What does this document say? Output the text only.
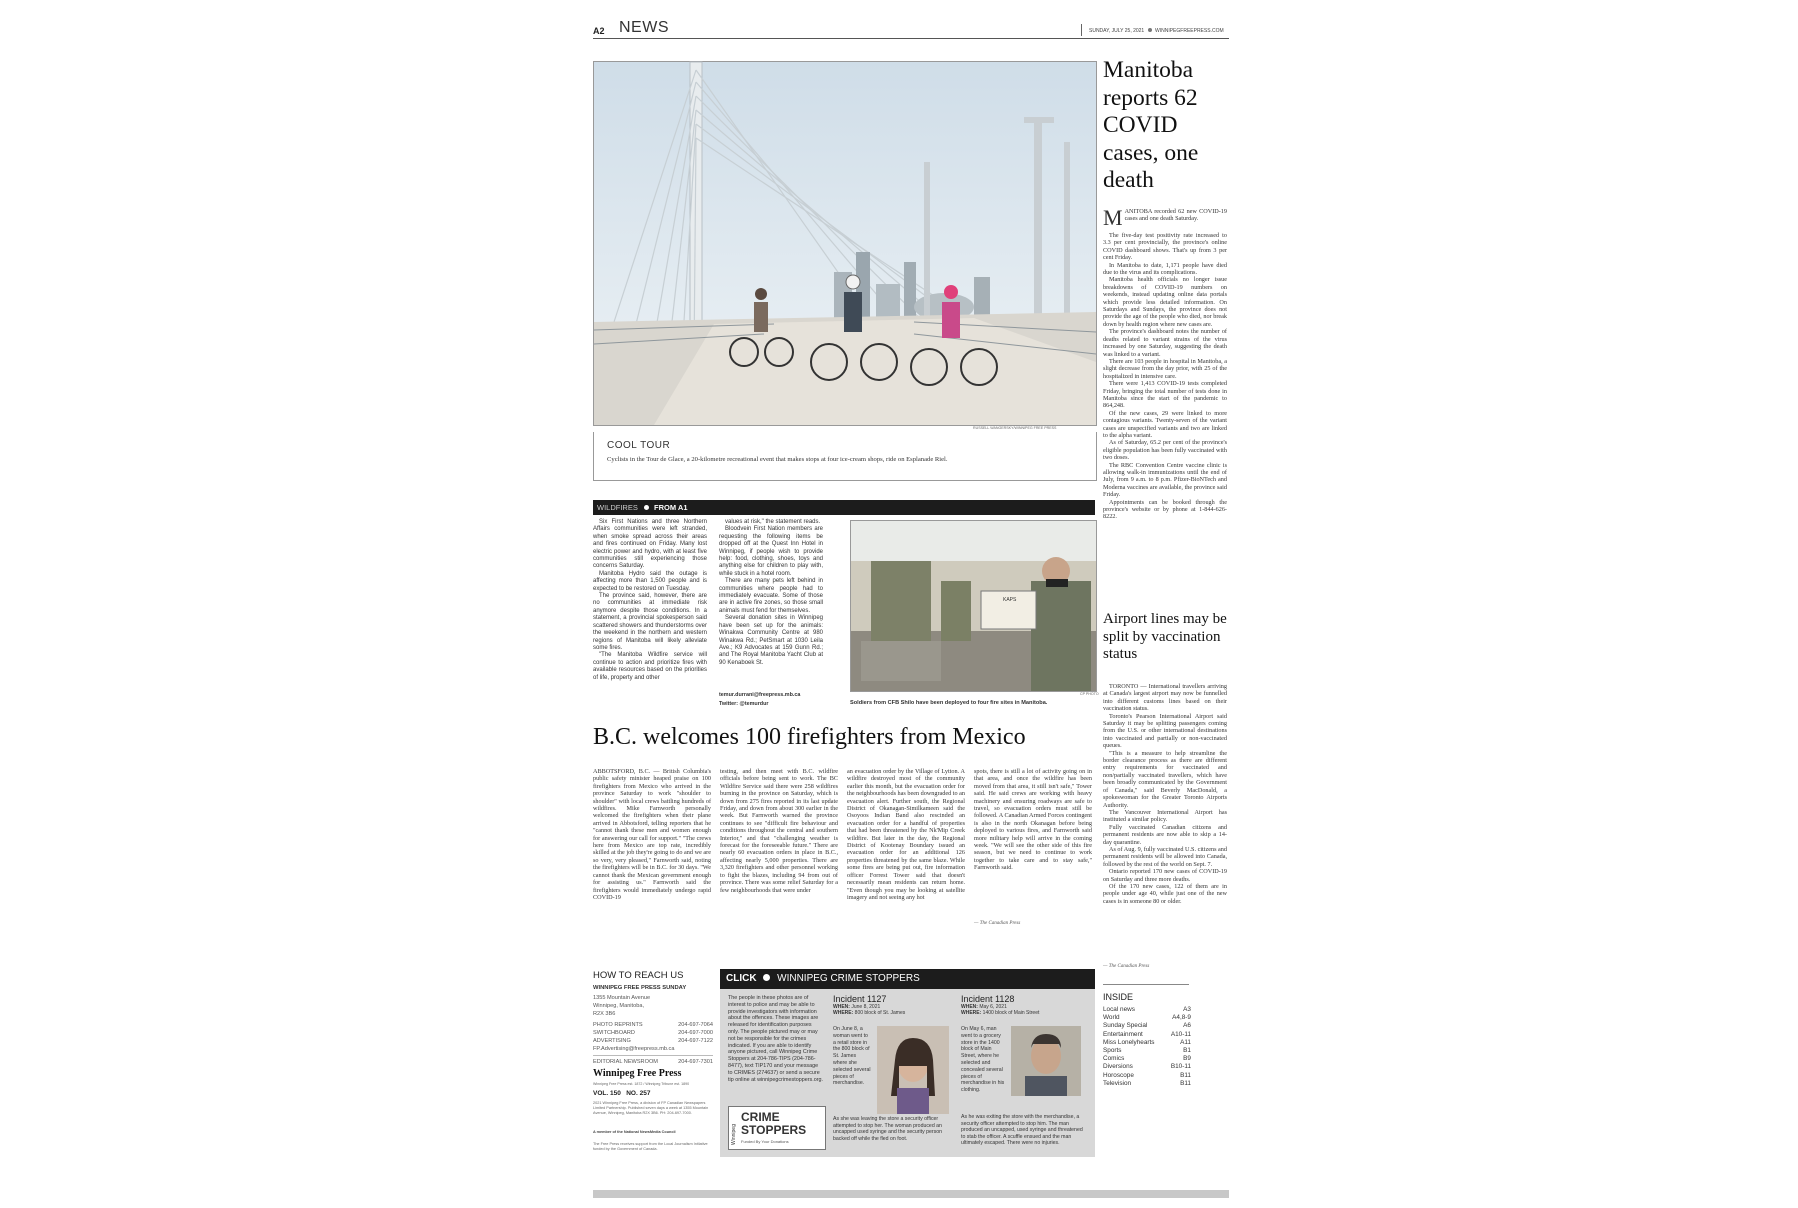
A2 NEWS	SUNDAY, JULY 25, 2021 WINNIPEGFREEPRESS.COM
RUSSELL WANGERSKY/WINNIPEG FREE PRESS
COOL TOUR
Cyclists in the Tour de Glace, a 20-kilometre recreational event that makes stops at four ice-cream shops, ride on Esplanade Riel.
Manitoba reports 62 COVID cases, one death
M ANITOBA recorded 62 new COVID-19 cases and one death Saturday.

The five-day test positivity rate increased to 3.3 per cent provincially, the province's online COVID dashboard shows. That's up from 3 per cent Friday.

In Manitoba to date, 1,171 people have died due to the virus and its complications.

Manitoba health officials no longer issue breakdowns of COVID-19 numbers on weekends, instead updating online data portals which provide less detailed information. On Saturdays and Sundays, the province does not provide the age of the people who died, nor break down by health region where new cases are.

The province's dashboard notes the number of deaths related to variant strains of the virus increased by one Saturday, suggesting the death was linked to a variant.

There are 103 people in hospital in Manitoba, a slight decrease from the day prior, with 25 of the hospitalized in intensive care.

There were 1,413 COVID-19 tests completed Friday, bringing the total number of tests done in Manitoba since the start of the pandemic to 864,248.

Of the new cases, 29 were linked to more contagious variants. Twenty-seven of the variant cases are unspecified variants and two are linked to the alpha variant.

As of Saturday, 65.2 per cent of the province's eligible population has been fully vaccinated with two doses.

The RBC Convention Centre vaccine clinic is allowing walk-in immunizations until the end of July, from 9 a.m. to 8 p.m. Pfizer-BioNTech and Moderna vaccines are available, the province said Friday.

Appointments can be booked through the province's website or by phone at 1-844-626-8222.

Airport lines may be split by vaccination status

TORONTO — International travellers arriving at Canada's largest airport may now be funnelled into different customs lines based on their vaccination status.

Toronto's Pearson International Airport said Saturday it may be splitting passengers coming from the U.S. or other international destinations into vaccinated and partially or non-vaccinated queues.

"This is a measure to help streamline the border clearance process as there are different entry requirements for vaccinated and non/partially vaccinated travellers, which have been broadly communicated by the Government of Canada," said Beverly MacDonald, a spokeswoman for the Greater Toronto Airports Authority.

The Vancouver International Airport has instituted a similar policy.

Fully vaccinated Canadian citizens and permanent residents are now able to skip a 14-day quarantine.

As of Aug. 9, fully vaccinated U.S. citizens and permanent residents will be allowed into Canada, followed by the rest of the world on Sept. 7.

Ontario reported 170 new cases of COVID-19 on Saturday and three more deaths.

Of the 170 new cases, 122 of them are in people under age 40, while just one of the new cases is in someone 80 or older.

— The Canadian Press
WILDFIRES FROM A1

Six First Nations and three Northern Affairs communities were left stranded, when smoke spread across their areas and fires continued on Friday. Many lost electric power and hydro, with at least five communities still experiencing those concerns Saturday.

Manitoba Hydro said the outage is affecting more than 1,500 people and is expected to be restored on Tuesday.

The province said, however, there are no communities at immediate risk anymore despite those conditions. In a statement, a provincial spokesperson said scattered showers and thunderstorms over the weekend in the northern and western regions of Manitoba will likely alleviate some fires.

"The Manitoba Wildfire service will continue to action and prioritize fires with available resources based on the priorities of life, property and other

values at risk," the statement reads.

Bloodvein First Nation members are requesting the following items be dropped off at the Quest Inn Hotel in Winnipeg, if people wish to provide help: food, clothing, shoes, toys and anything else for children to play with, while stuck in a hotel room.

There are many pets left behind in communities where people had to immediately evacuate. Some of those are in active fire zones, so those small animals must fend for themselves.

Several donation sites in Winnipeg have been set up for the animals: Winakwa Community Centre at 980 Winakwa Rd.; PetSmart at 1030 Leila Ave.; K9 Advocates at 159 Gunn Rd.; and The Royal Manitoba Yacht Club at 90 Kenaboek St.

temur.durrani@freepress.mb.ca
Twitter: @temurdur
KAPS
CP PHOTO
Soldiers from CFB Shilo have been deployed to four fire sites in Manitoba.
B.C. welcomes 100 firefighters from Mexico
ABBOTSFORD, B.C. — British Columbia's public safety minister heaped praise on 100 firefighters from Mexico who arrived in the province Saturday to work "shoulder to shoulder" with local crews battling hundreds of wildfires. Mike Farnworth personally welcomed the firefighters when their plane arrived in Abbotsford, telling reporters that he "cannot thank these men and women enough for answering our call for support." "The crews here from Mexico are top rate, incredibly skilled at the job they're going to do and we are so very, very pleased," Farnworth said, noting the firefighters will be in B.C. for 30 days. "We cannot thank the Mexican government enough for assisting us." Farnworth said the firefighters would immediately undergo rapid COVID-19
testing, and then meet with B.C. wildfire officials before being sent to work. The BC Wildfire Service said there were 258 wildfires burning in the province on Saturday, which is down from 275 fires reported in its last update Friday, and down from about 300 earlier in the week. But Farnworth warned the province continues to see "difficult fire behaviour and conditions throughout the central and southern Interior," and that "challenging weather is forecast for the foreseeable future." There are nearly 60 evacuation orders in place in B.C., affecting nearly 5,000 properties. There are 3,320 firefighters and other personnel working to fight the blazes, including 94 from out of province. There was some relief Saturday for a few neighbourhoods that were under
an evacuation order by the Village of Lytton. A wildfire destroyed most of the community earlier this month, but the evacuation order for the neighbourhoods has been downgraded to an evacuation alert. Further south, the Regional District of Okanagan-Similkameen said the Osoyoos Indian Band also rescinded an evacuation order for a handful of properties that had been threatened by the Nk'Mip Creek wildfire. But later in the day, the Regional District of Kootenay Boundary issued an evacuation order for an additional 126 properties threatened by the same blaze. While some fires are being put out, fire information officer Forrest Tower said that doesn't necessarily mean residents can return home. "Even though you may be looking at satellite imagery and not seeing any hot
spots, there is still a lot of activity going on in that area, and once the wildfire has been moved from that area, it still isn't safe," Tower said. He said crews are working with heavy machinery and ensuring roadways are safe to travel, so evacuation orders must still be followed. A Canadian Armed Forces contingent is also in the north Okanagan before being deployed to various fires, and Farnworth said more military help will arrive in the coming week. "We will see the other side of this fire season, but we need to continue to work together to take care and to stay safe," Farnworth said.
— The Canadian Press
HOW TO REACH US
WINNIPEG FREE PRESS SUNDAY
1355 Mountain Avenue
Winnipeg, Manitoba,
R2X 3B6
PHOTO REPRINTS	204-697-7064
SWITCHBOARD	204-697-7000
ADVERTISING	204-697-7122
FP.Advertising@freepress.mb.ca
EDITORIAL NEWSROOM	204-697-7301
Winnipeg Free Press
Winnipeg Free Press est. 1872 / Winnipeg Tribune est. 1890
VOL. 150   NO. 257
2021 Winnipeg Free Press, a division of FP Canadian Newspapers Limited Partnership. Published seven days a week at 1355 Mountain Avenue, Winnipeg, Manitoba R2X 3B6. PH: 204-697-7000.
A member of the National NewsMedia Council
The Free Press receives support from the Local Journalism Initiative funded by the Government of Canada.
CLICK WINNIPEG CRIME STOPPERS
The people in these photos are of interest to police and may be able to provide investigators with information about the offences. These images are released for identification purposes only. The people pictured may or may not be responsible for the crimes indicated. If you are able to identify anyone pictured, call Winnipeg Crime Stoppers at 204-786-TIPS (204-786-8477), text TIP170 and your message to CRIMES (274637) or send a secure tip online at winnipegcrimestoppers.org.
Winnipeg
CRIME STOPPERS
Funded By Your Donations
Incident 1127
WHEN: June 8, 2021
WHERE: 800 block of St. James
On June 8, a woman went to a retail store in the 800 block of St. James where she selected several pieces of merchandise.
As she was leaving the store a security officer attempted to stop her. The woman produced an uncapped used syringe and the security person backed off while the fled on foot.
Incident 1128
WHEN: May 6, 2021
WHERE: 1400 block of Main Street
On May 6, man went to a grocery store in the 1400 block of Main Street, where he selected and concealed several pieces of merchandise in his clothing.
As he was exiting the store with the merchandise, a security officer attempted to stop him. The man produced an uncapped, used syringe and threatened to stab the officer. A scuffle ensued and the man ultimately escaped. There were no injuries.
INSIDE
Local news	A3
World	A4,8-9
Sunday Special	A6
Entertainment	A10-11
Miss Lonelyhearts	A11
Sports	B1
Comics	B9
Diversions	B10-11
Horoscope	B11
Television	B11
